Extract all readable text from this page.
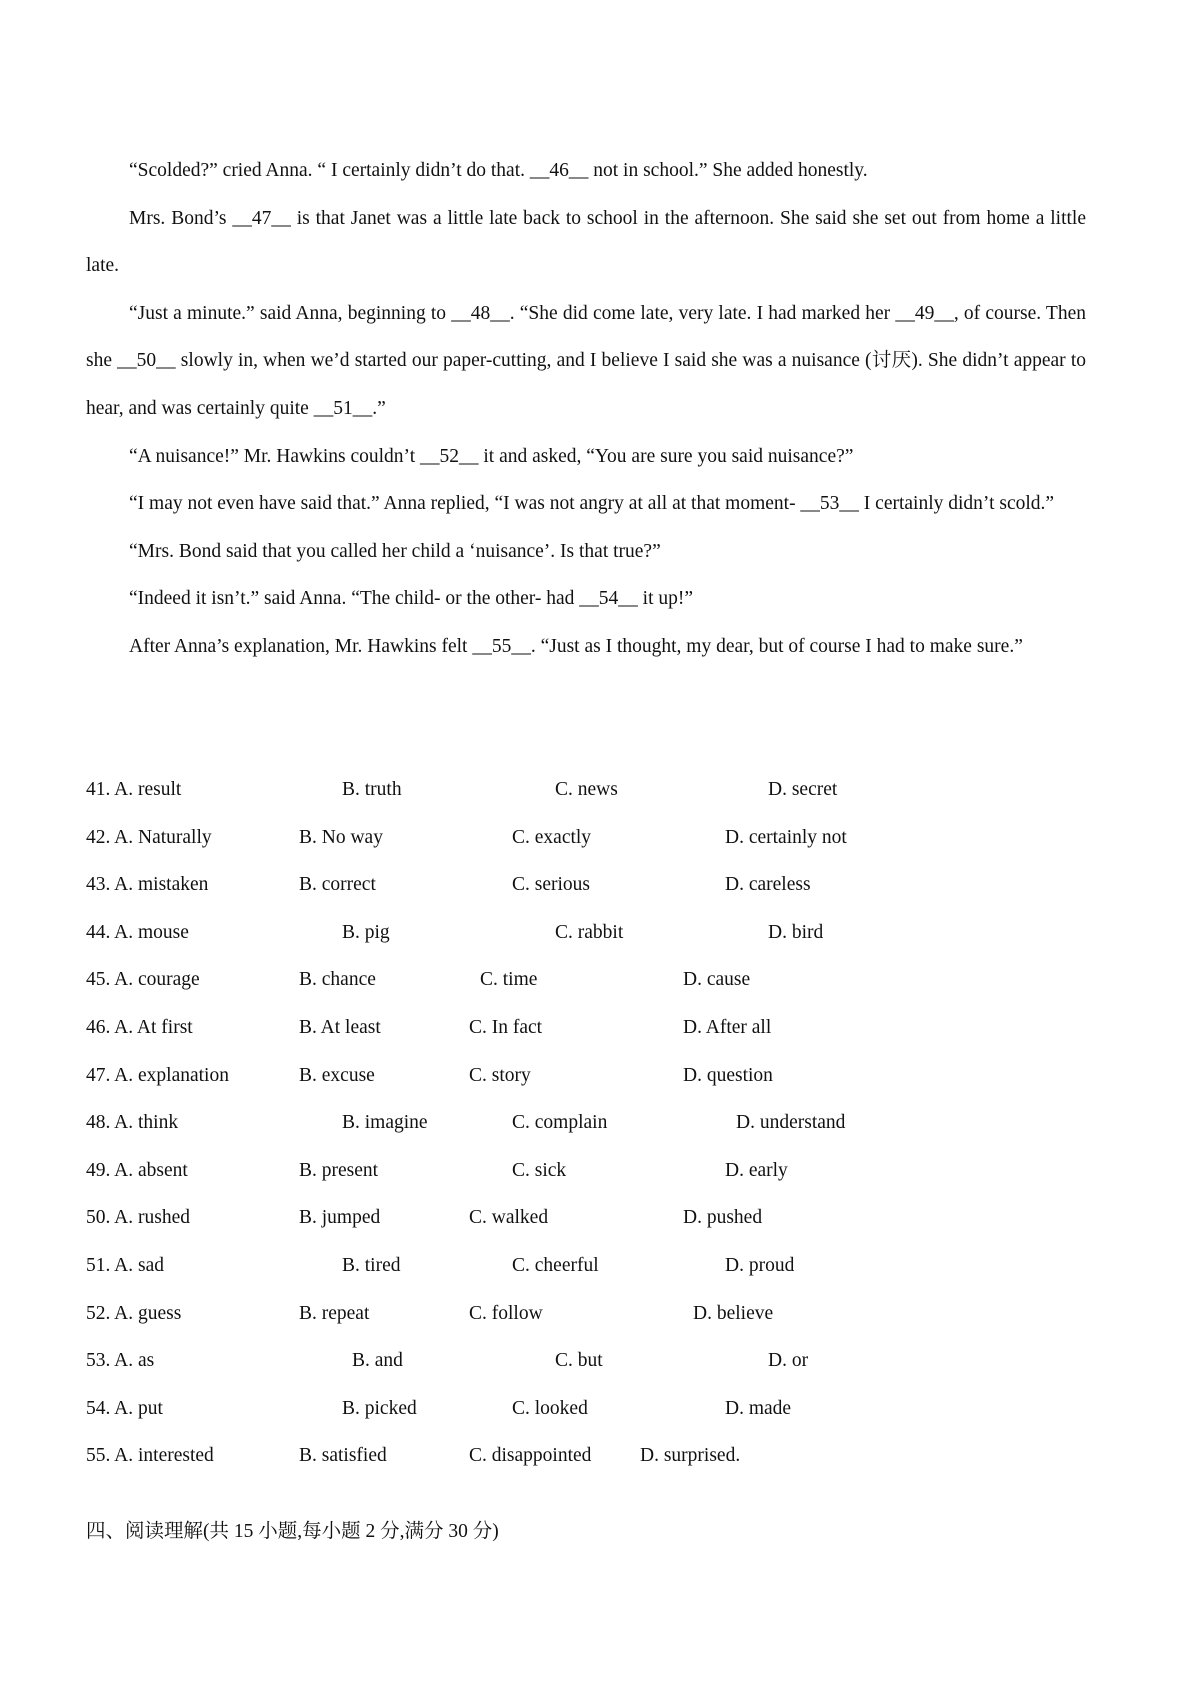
“Scolded?” cried Anna. “ I certainly didn’t do that. __46__ not in school.” She added honestly.

Mrs. Bond’s __47__ is that Janet was a little late back to school in the afternoon. She said she set out from home a little late.

“Just a minute.” said Anna, beginning to __48__. “She did come late, very late. I had marked her __49__, of course. Then she __50__ slowly in, when we’d started our paper-cutting, and I believe I said she was a nuisance (讨厌). She didn’t appear to hear, and was certainly quite __51__.”

“A nuisance!” Mr. Hawkins couldn’t __52__ it and asked, “You are sure you said nuisance?”

“I may not even have said that.” Anna replied, “I was not angry at all at that moment- __53__ I certainly didn’t scold.”

“Mrs. Bond said that you called her child a ‘nuisance’. Is that true?”

“Indeed it isn’t.” said Anna. “The child- or the other- had __54__ it up!”

After Anna’s explanation, Mr. Hawkins felt __55__. “Just as I thought, my dear, but of course I had to make sure.”

41. A. result	B. truth	C. news	D. secret
42. A. Naturally	B. No way	C. exactly	D. certainly not
43. A. mistaken	B. correct	C. serious	D. careless
44. A. mouse	B. pig	C. rabbit	D. bird
45. A. courage	B. chance	C. time	D. cause
46. A. At first	B. At least	C. In fact	D. After all
47. A. explanation	B. excuse	C. story	D. question
48. A. think	B. imagine	C. complain	D. understand
49. A. absent	B. present	C. sick	D. early
50. A. rushed	B. jumped	C. walked	D. pushed
51. A. sad	B. tired	C. cheerful	D. proud
52. A. guess	B. repeat	C. follow	D. believe
53. A. as	B. and	C. but	D. or
54. A. put	B. picked	C. looked	D. made
55. A. interested	B. satisfied	C. disappointed D. surprised.
四、阅读理解(共 15 小题,每小题 2 分,满分 30 分)
